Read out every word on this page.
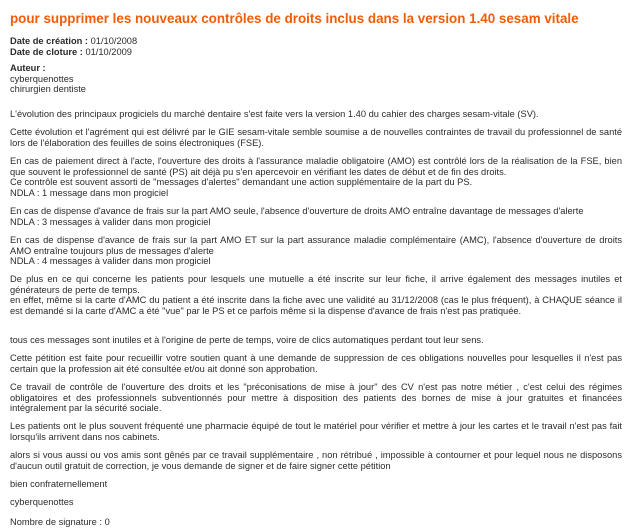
pour supprimer les nouveaux contrôles de droits inclus dans la version 1.40 sesam vitale
Date de création : 01/10/2008
Date de cloture : 01/10/2009
Auteur :
cyberquenottes
chirurgien dentiste

L'évolution des principaux progiciels du marché dentaire s'est faite vers la version 1.40 du cahier des charges sesam-vitale (SV).

Cette évolution et l'agrément qui est délivré par le GIE sesam-vitale semble soumise a de nouvelles contraintes de travail du professionnel de santé lors de l'élaboration des feuilles de soins électroniques (FSE).

En cas de paiement direct à l'acte, l'ouverture des droits à l'assurance maladie obligatoire (AMO) est contrôlé lors de la réalisation de la FSE, bien que souvent le professionnel de santé (PS) ait déjà pu s'en apercevoir en vérifiant les dates de début et de fin des droits.
Ce contrôle est souvent assorti de "messages d'alertes" demandant une action supplémentaire de la part du PS.
NDLA : 1 message dans mon progiciel

En cas de dispense d'avance de frais sur la part AMO seule, l'absence d'ouverture de droits AMO entraîne davantage de messages d'alerte
NDLA : 3 messages à valider dans mon progiciel

En cas de dispense d'avance de frais sur la part AMO ET sur la part assurance maladie complémentaire (AMC), l'absence d'ouverture de droits AMO entraîne toujours plus de messages d'alerte
NDLA : 4 messages à valider dans mon progiciel

De plus en ce qui concerne les patients pour lesquels une mutuelle a été inscrite sur leur fiche, il arrive également des messages inutiles et générateurs de perte de temps.
en effet, même si la carte d'AMC du patient a été inscrite dans la fiche avec une validité au 31/12/2008 (cas le plus fréquent), à CHAQUE séance il est demandé si la carte d'AMC a été "vue" par le PS et ce parfois même si la dispense d'avance de frais n'est pas pratiquée.

tous ces messages sont inutiles et à l'origine de perte de temps, voire de clics automatiques perdant tout leur sens.

Cette pétition est faite pour recueillir votre soutien quant à une demande de suppression de ces obligations nouvelles pour lesquelles il n'est pas certain que la profession ait été consultée et/ou ait donné son approbation.

Ce travail de contrôle de l'ouverture des droits et les "préconisations de mise à jour" des CV n'est pas notre métier , c'est celui des régimes obligatoires et des professionnels subventionnés pour mettre à disposition des patients des bornes de mise à jour gratuites et financées intégralement par la sécurité sociale.

Les patients ont le plus souvent fréquenté une pharmacie équipé de tout le matériel pour vérifier et mettre à jour les cartes et le travail n'est pas fait lorsqu'ils arrivent dans nos cabinets.

alors si vous aussi ou vos amis sont gênés par ce travail supplémentaire , non rétribué , impossible à contourner et pour lequel nous ne disposons d'aucun outil gratuit de correction, je vous demande de signer et de faire signer cette pétition

bien confraternellement

cyberquenottes

Nombre de signature : 0
